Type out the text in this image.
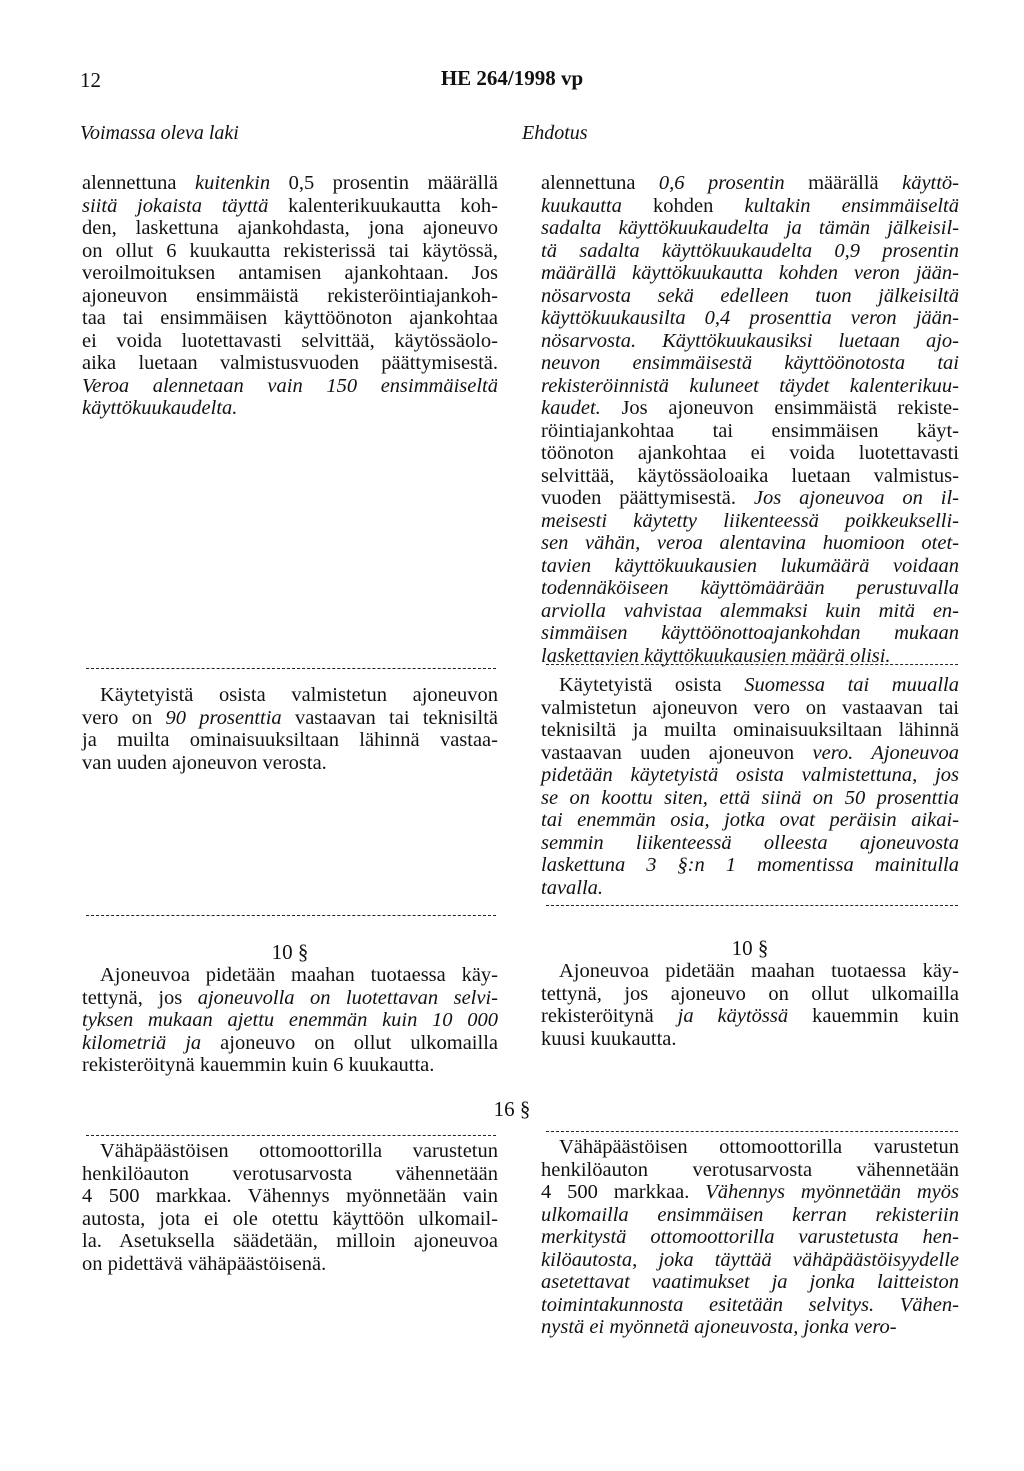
12	HE 264/1998 vp
Voimassa oleva laki	Ehdotus

alennettuna kuitenkin 0,5 prosentin määrällä
siitä jokaista täyttä kalenterikuukautta koh-
den, laskettuna ajankohdasta, jona ajoneuvo
on ollut 6 kuukautta rekisterissä tai käytössä,
veroilmoituksen antamisen ajankohtaan. Jos
ajoneuvon ensimmäistä rekisteröintiajankoh-
taa tai ensimmäisen käyttöönoton ajankohtaa
ei voida luotettavasti selvittää, käytössäolo-
aika luetaan valmistusvuoden päättymisestä.
Veroa alennetaan vain 150 ensimmäiseltä
käyttökuukaudelta.

Käytetyistä osista valmistetun ajoneuvon
vero on 90 prosenttia vastaavan tai teknisiltä
ja muilta ominaisuuksiltaan lähinnä vastaa-
van uuden ajoneuvon verosta.

10 §

Ajoneuvoa pidetään maahan tuotaessa käy-
tettynä, jos ajoneuvolla on luotettavan selvi-
tyksen mukaan ajettu enemmän kuin 10 000
kilometriä ja ajoneuvo on ollut ulkomailla
rekisteröitynä kauemmin kuin 6 kuukautta.

16 §

Vähäpäästöisen ottomoottorilla varustetun
henkilöauton verotusarvosta vähennetään
4 500 markkaa. Vähennys myönnetään vain
autosta, jota ei ole otettu käyttöön ulkomail-
la. Asetuksella säädetään, milloin ajoneuvoa
on pidettävä vähäpäästöisenä.

alennettuna 0,6 prosentin määrällä käyttö-
kuukautta kohden kultakin ensimmäiseltä
sadalta käyttökuukaudelta ja tämän jälkeisil-
tä sadalta käyttökuukaudelta 0,9 prosentin
määrällä käyttökuukautta kohden veron jään-
nösarvosta sekä edelleen tuon jälkeisiltä
käyttökuukausilta 0,4 prosenttia veron jään-
nösarvosta. Käyttökuukausiksi luetaan ajo-
neuvon ensimmäisestä käyttöönotosta tai
rekisteröinnistä kuluneet täydet kalenterikuu-
kaudet. Jos ajoneuvon ensimmäistä rekiste-
röintiajankohtaa tai ensimmäisen käyt-
töönoton ajankohtaa ei voida luotettavasti
selvittää, käytössäoloaika luetaan valmistus-
vuoden päättymisestä. Jos ajoneuvoa on il-
meisesti käytetty liikenteessä poikkeukselli-
sen vähän, veroa alentavina huomioon otet-
tavien käyttökuukausien lukumäärä voidaan
todennäköiseen käyttömäärään perustuvalla
arviolla vahvistaa alemmaksi kuin mitä en-
simmäisen käyttöönottoajankohdan mukaan
laskettavien käyttökuukausien määrä olisi.

Käytetyistä osista Suomessa tai muualla
valmistetun ajoneuvon vero on vastaavan tai
teknisiltä ja muilta ominaisuuksiltaan lähinnä
vastaavan uuden ajoneuvon vero. Ajoneuvoa
pidetään käytetyistä osista valmistettuna, jos
se on koottu siten, että siinä on 50 prosenttia
tai enemmän osia, jotka ovat peräisin aikai-
semmin liikenteessä olleesta ajoneuvosta
laskettuna 3 §:n 1 momentissa mainitulla
tavalla.

10 §

Ajoneuvoa pidetään maahan tuotaessa käy-
tettynä, jos ajoneuvo on ollut ulkomailla
rekisteröitynä ja käytössä kauemmin kuin
kuusi kuukautta.

Vähäpäästöisen ottomoottorilla varustetun
henkilöauton verotusarvosta vähennetään
4 500 markkaa. Vähennys myönnetään myös
ulkomailla ensimmäisen kerran rekisteriin
merkitystä ottomoottorilla varustetusta hen-
kilöautosta, joka täyttää vähäpäästöisyydelle
asetettavat vaatimukset ja jonka laitteiston
toimintakunnosta esitetään selvitys. Vähen-
nystä ei myönnetä ajoneuvosta, jonka vero-
